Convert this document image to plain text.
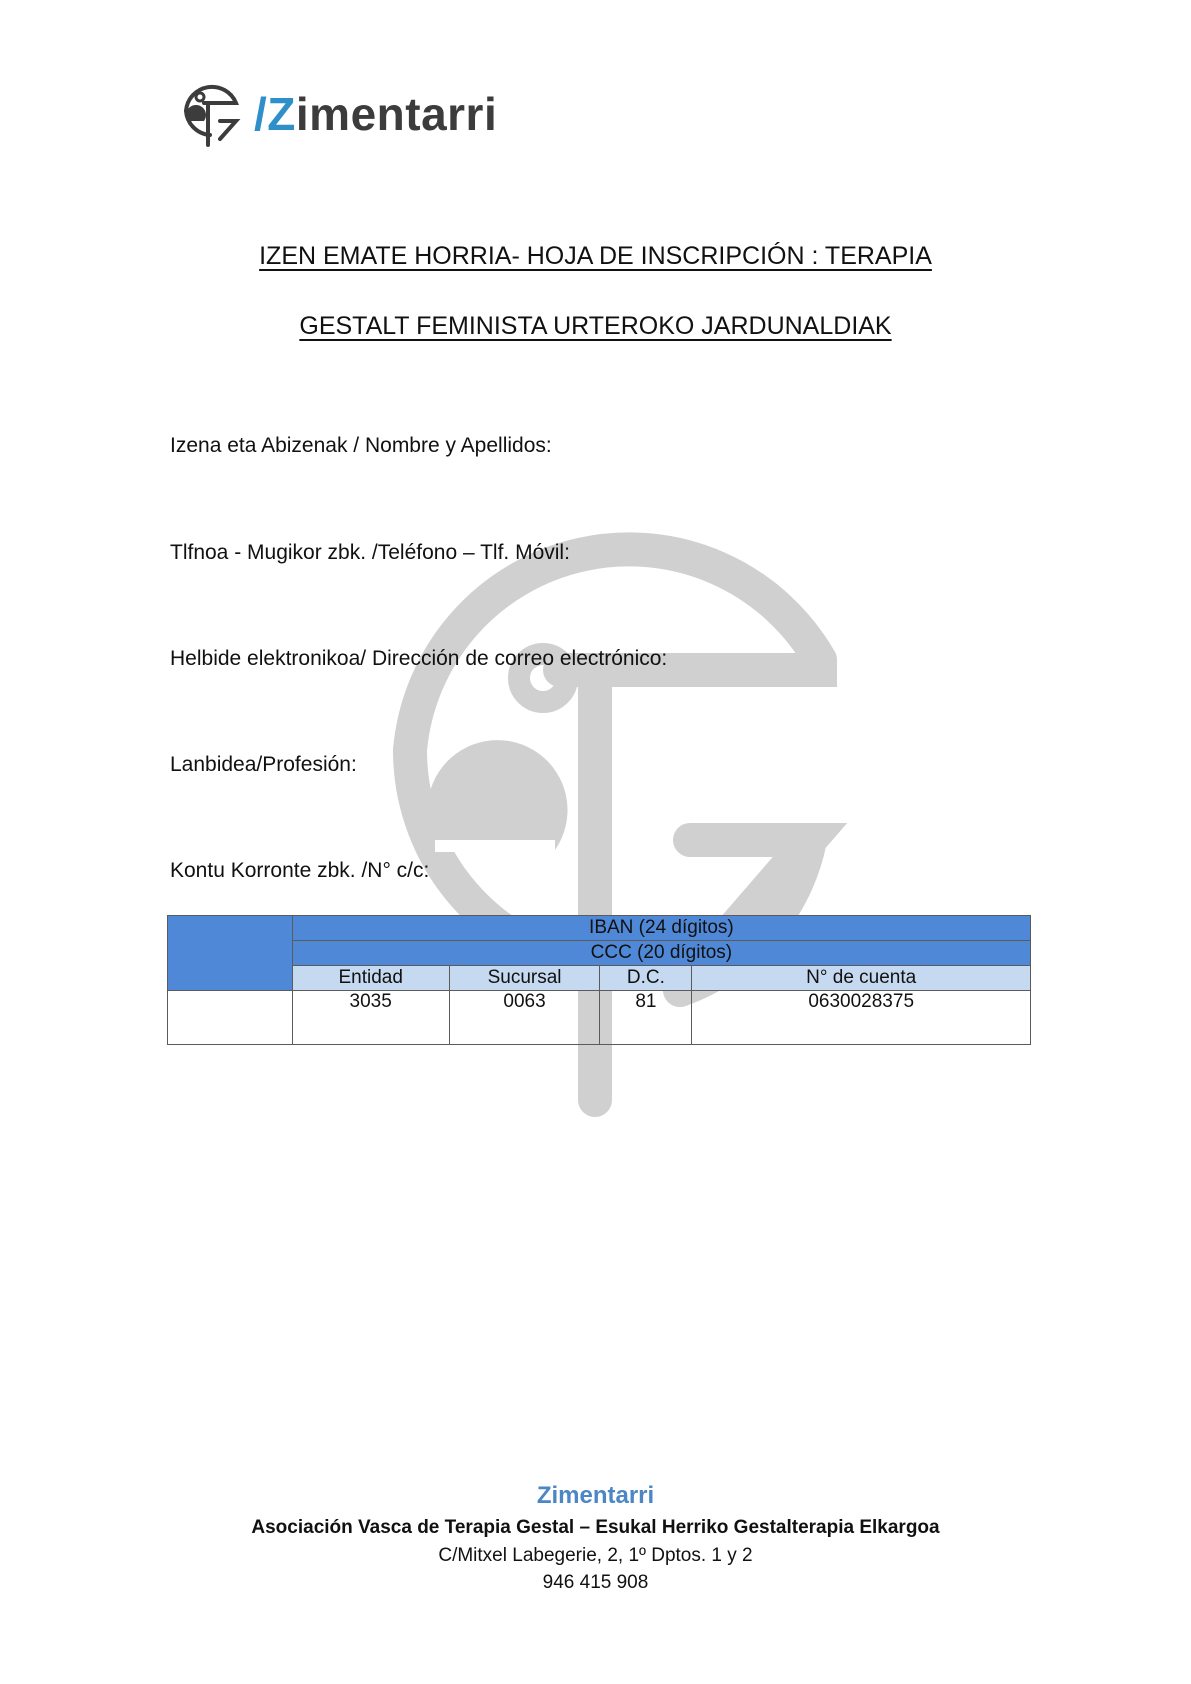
/Zimentarri
IZEN EMATE HORRIA- HOJA DE INSCRIPCIÓN : TERAPIA
GESTALT FEMINISTA URTEROKO JARDUNALDIAK
Izena eta Abizenak / Nombre y Apellidos:
Tlfnoa - Mugikor zbk. /Teléfono – Tlf. Móvil:
Helbide elektronikoa/ Dirección de correo electrónico:
Lanbidea/Profesión:
Kontu Korronte zbk. /N° c/c:
	IBAN (24 dígitos)			
	CCC (20 dígitos)			
	Entidad	Sucursal	D.C.	N° de cuenta
	3035	0063	81	0630028375
Zimentarri
Asociación Vasca de Terapia Gestal – Esukal Herriko Gestalterapia Elkargoa
C/Mitxel Labegerie, 2, 1º Dptos. 1 y 2
946 415 908
